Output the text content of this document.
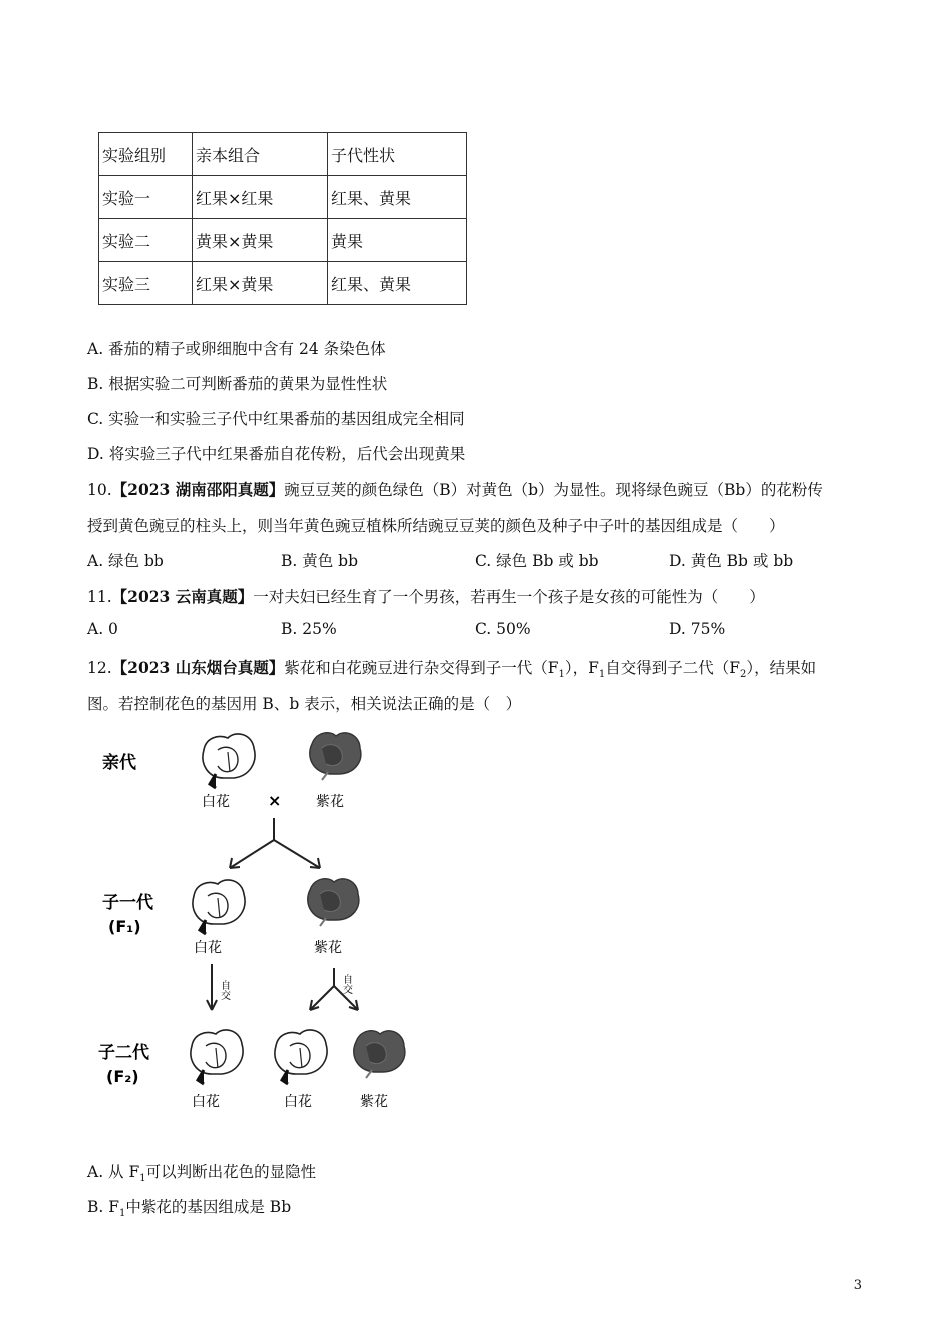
实验组别	亲本组合	子代性状
实验一	红果×红果	红果、黄果
实验二	黄果×黄果	黄果
实验三	红果×黄果	红果、黄果
A. 番茄的精子或卵细胞中含有 24 条染色体
B. 根据实验二可判断番茄的黄果为显性性状
C. 实验一和实验三子代中红果番茄的基因组成完全相同
D. 将实验三子代中红果番茄自花传粉，后代会出现黄果
10.【2023 湖南邵阳真题】豌豆豆荚的颜色绿色（B）对黄色（b）为显性。现将绿色豌豆（Bb）的花粉传
授到黄色豌豆的柱头上，则当年黄色豌豆植株所结豌豆豆荚的颜色及种子中子叶的基因组成是（　　）
A. 绿色 bb	B. 黄色 bb	C. 绿色 Bb 或 bb	D. 黄色 Bb 或 bb
11.【2023 云南真题】一对夫妇已经生育了一个男孩，若再生一个孩子是女孩的可能性为（　　）
A. 0	B. 25%	C. 50%	D. 75%
12.【2023 山东烟台真题】紫花和白花豌豆进行杂交得到子一代$(F_1)$，$F_1$自交得到子二代$(F_2)$，结果如
图。若控制花色的基因用 B、b 表示，相关说法正确的是（　）
亲代
白花 × 紫花
子一代
(F₁)
白花	紫花
自交	自交
子二代
(F₂)
白花	白花	紫花
A. 从 $F_1$可以判断出花色的显隐性
B. $F_1$中紫花的基因组成是 Bb
3
